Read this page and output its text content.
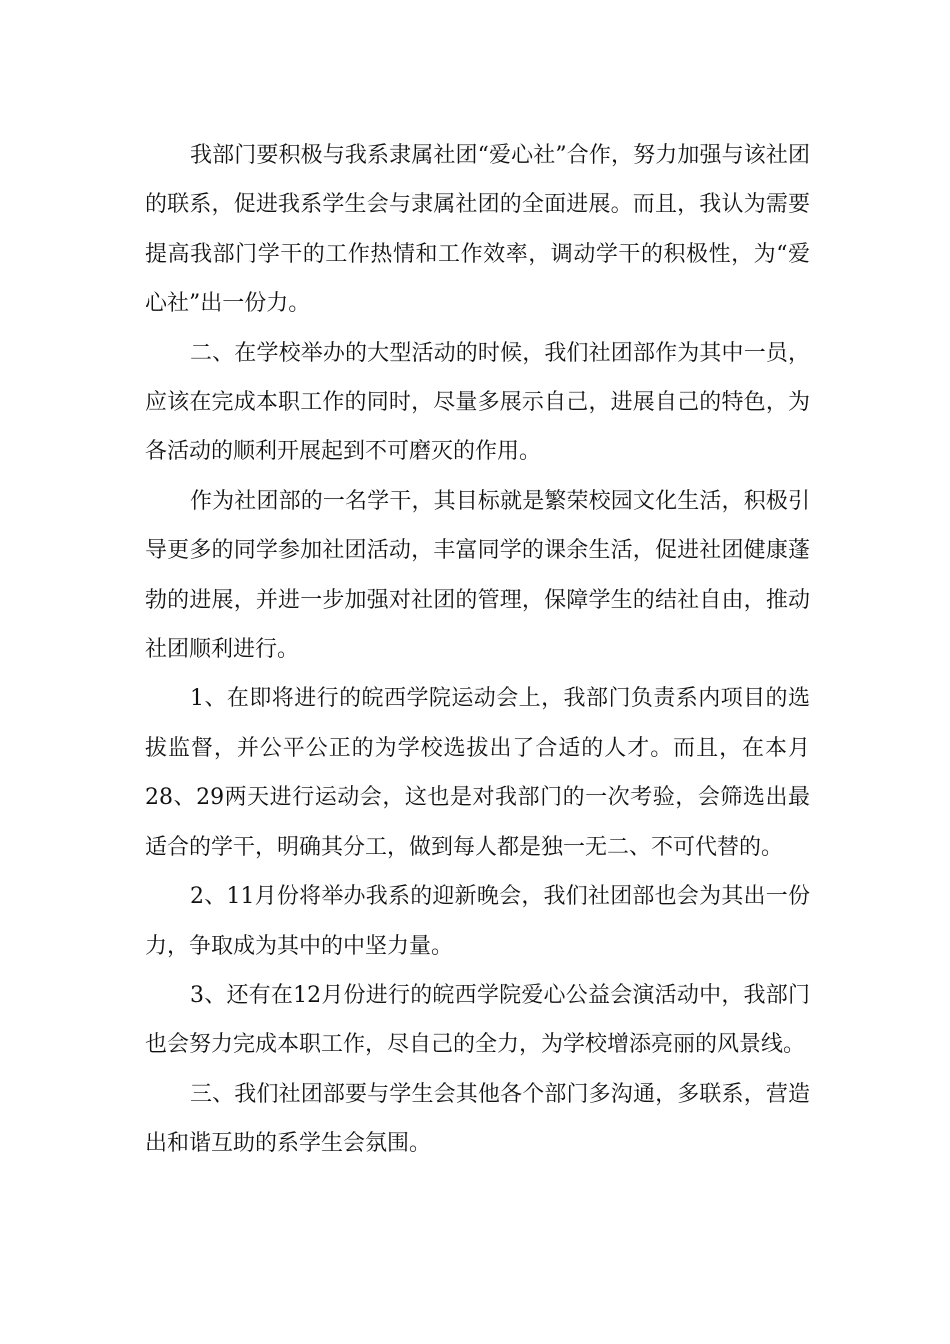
我部门要积极与我系隶属社团“爱心社”合作，努力加强与该社团的联系，促进我系学生会与隶属社团的全面进展。而且，我认为需要提高我部门学干的工作热情和工作效率，调动学干的积极性，为“爱心社”出一份力。

二、在学校举办的大型活动的时候，我们社团部作为其中一员，应该在完成本职工作的同时，尽量多展示自己，进展自己的特色，为各活动的顺利开展起到不可磨灭的作用。

作为社团部的一名学干，其目标就是繁荣校园文化生活，积极引导更多的同学参加社团活动，丰富同学的课余生活，促进社团健康蓬勃的进展，并进一步加强对社团的管理，保障学生的结社自由，推动社团顺利进行。

1、在即将进行的皖西学院运动会上，我部门负责系内项目的选拔监督，并公平公正的为学校选拔出了合适的人才。而且，在本月28、29两天进行运动会，这也是对我部门的一次考验，会筛选出最适合的学干，明确其分工，做到每人都是独一无二、不可代替的。

2、11月份将举办我系的迎新晚会，我们社团部也会为其出一份力，争取成为其中的中坚力量。

3、还有在12月份进行的皖西学院爱心公益会演活动中，我部门也会努力完成本职工作，尽自己的全力，为学校增添亮丽的风景线。

三、我们社团部要与学生会其他各个部门多沟通，多联系，营造出和谐互助的系学生会氛围。
